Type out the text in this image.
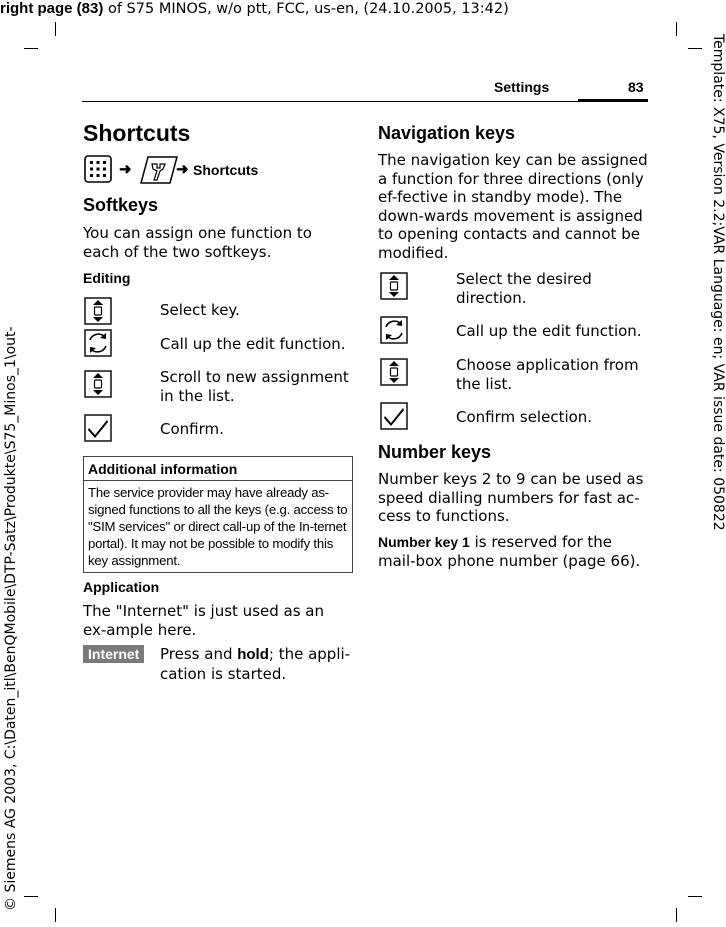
right page (83) of S75 MINOS, w/o ptt, FCC, us-en, (24.10.2005, 13:42)
Template: X75, Version 2.2;VAR Language: en; VAR issue date: 050822
© Siemens AG 2003, C:\Daten_itl\BenQMobile\DTP-Satz\Produkte\S75_Minos_1\out-
Settings	83
Shortcuts
➜	➜ Shortcuts
Softkeys
You can assign one function to each of the two softkeys.
Editing
Select key.
Call up the edit function.
Scroll to new assignment in the list.
Confirm.
Additional information
The service provider may have already as-signed functions to all the keys (e.g. access to "SIM services" or direct call-up of the In-ternet portal). It may not be possible to modify this key assignment.
Application
The "Internet" is just used as an ex-ample here.
Internet	Press and hold; the appli-cation is started.
Navigation keys
The navigation key can be assigned a function for three directions (only ef-fective in standby mode). The down-wards movement is assigned to opening contacts and cannot be modified.
Select the desired direction.
Call up the edit function.
Choose application from the list.
Confirm selection.
Number keys
Number keys 2 to 9 can be used as speed dialling numbers for fast ac-cess to functions.
Number key 1 is reserved for the mail-box phone number (page 66).
